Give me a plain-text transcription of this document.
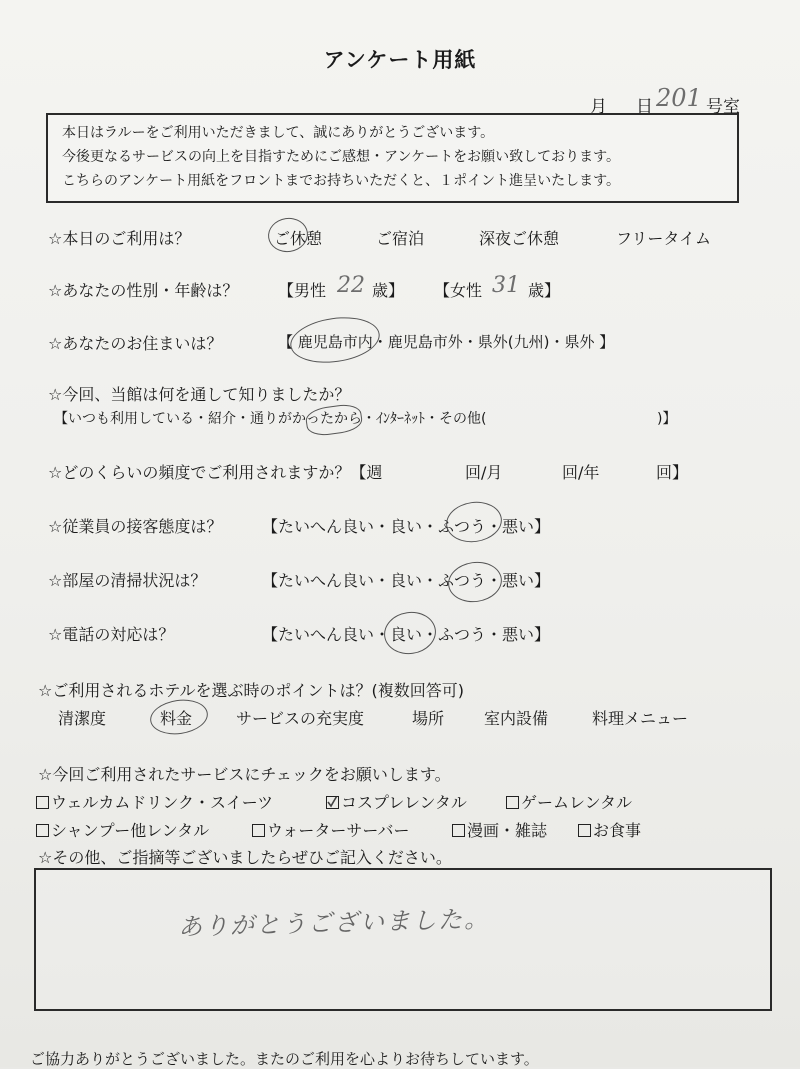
アンケート用紙
月 日 201 号室
本日はラルーをご利用いただきまして、誠にありがとうございます。
今後更なるサービスの向上を目指すためにご感想・アンケートをお願い致しております。
こちらのアンケート用紙をフロントまでお持ちいただくと、１ポイント進呈いたします。
☆本日のご利用は？	ご休憩	ご宿泊	深夜ご休憩	フリータイム
☆あなたの性別・年齢は？ 【男性 22 歳】 【女性 31 歳】
☆あなたのお住まいは？	【 鹿児島市内・鹿児島市外・県外(九州)・県外 】
☆今回、当館は何を通して知りましたか？
【いつも利用している・紹介・通りがかったから・ｲﾝﾀｰﾈｯﾄ・その他(	)】
☆どのくらいの頻度でご利用されますか？【週	回/月	回/年	回】
☆従業員の接客態度は？ 【たいへん良い・良い・ふつう・悪い】
☆部屋の清掃状況は？	【たいへん良い・良い・ふつう・悪い】
☆電話の対応は？	【たいへん良い・良い・ふつう・悪い】
☆ご利用されるホテルを選ぶ時のポイントは？(複数回答可)
清潔度	料金	サービスの充実度	場所 室内設備	料理メニュー
☆今回ご利用されたサービスにチェックをお願いします。
ウェルカムドリンク・スイーツ	コスプレレンタル	ゲームレンタル
シャンプー他レンタル	ウォーターサーバー	漫画・雑誌	お食事
☆その他、ご指摘等ございましたらぜひご記入ください。
ありがとうございました。
ご協力ありがとうございました。またのご利用を心よりお待ちしています。
